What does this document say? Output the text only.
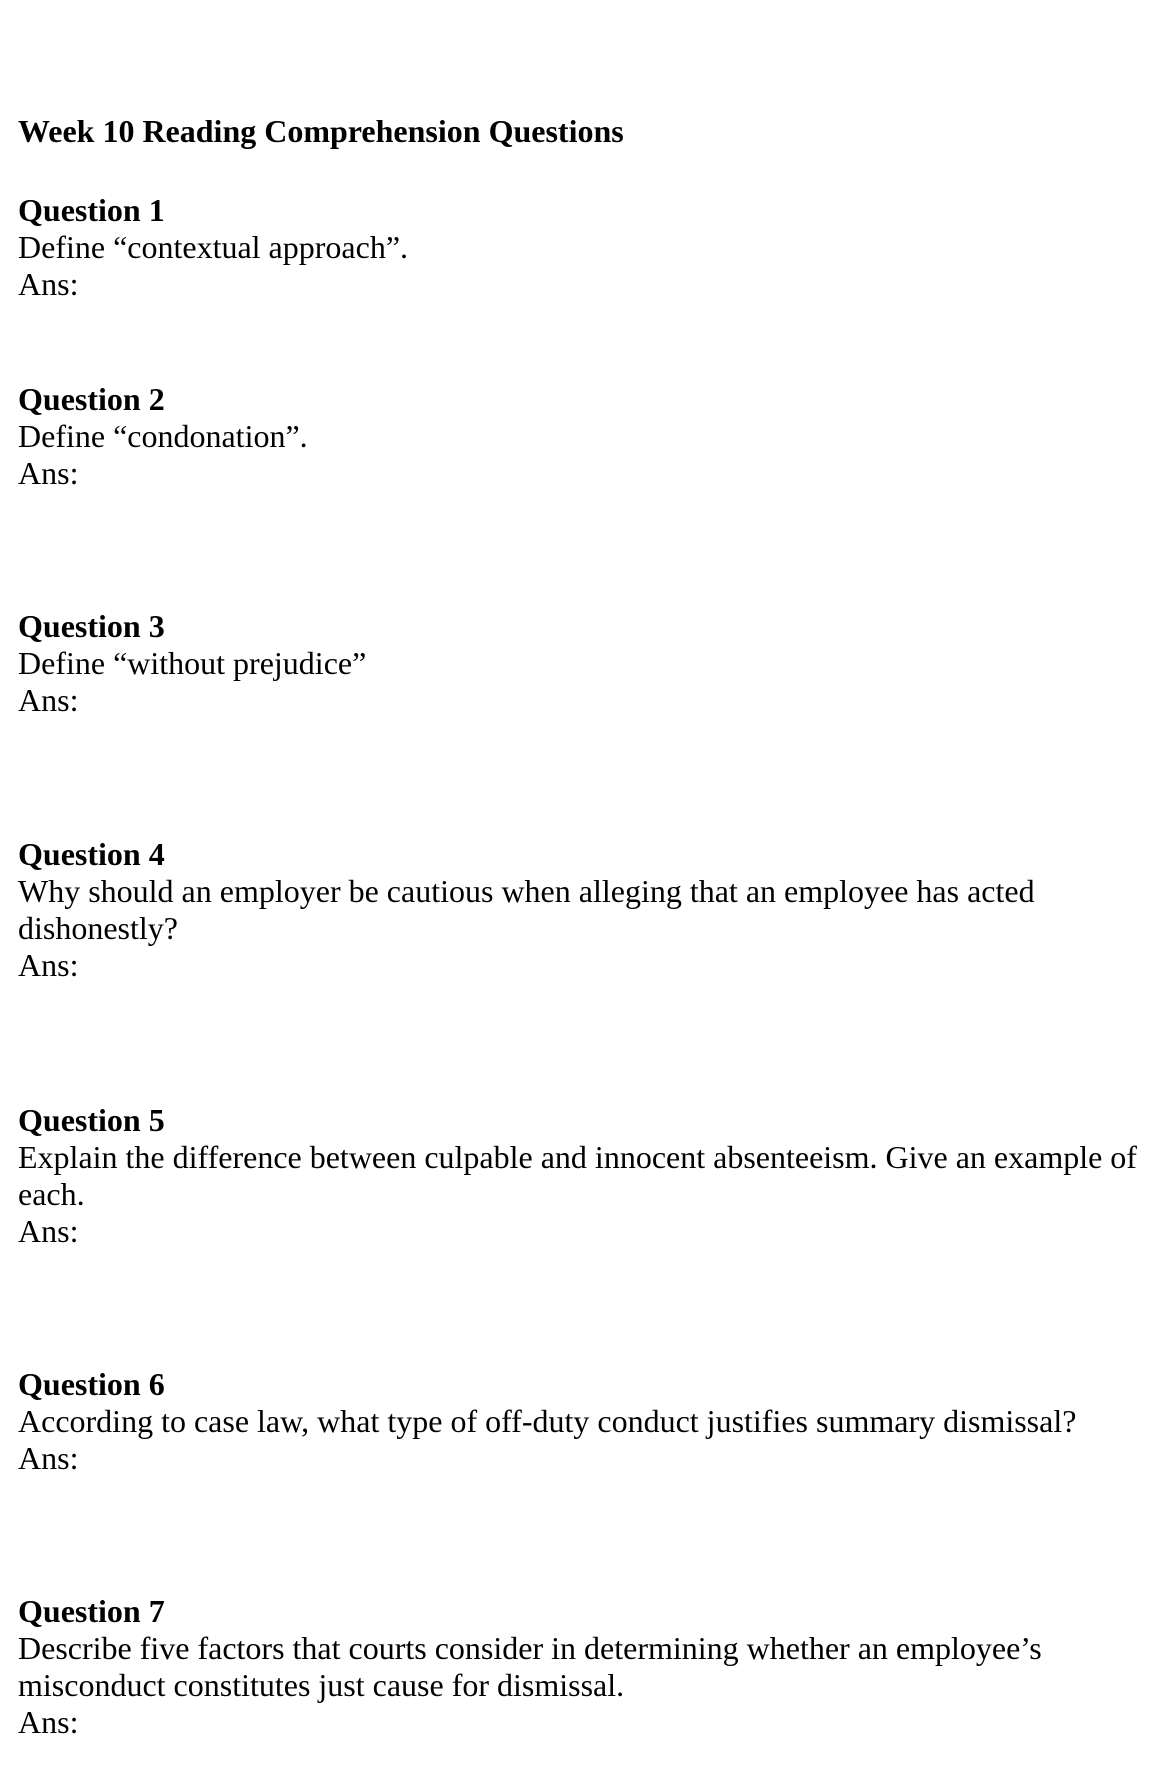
Week 10 Reading Comprehension Questions
Question 1
Define “contextual approach”.
Ans:
Question 2
Define “condonation”.
Ans:
Question 3
Define “without prejudice”
Ans:
Question 4
Why should an employer be cautious when alleging that an employee has acted dishonestly?
Ans:
Question 5
Explain the difference between culpable and innocent absenteeism. Give an example of each.
Ans:
Question 6
According to case law, what type of off-duty conduct justifies summary dismissal?
Ans:
Question 7
Describe five factors that courts consider in determining whether an employee’s misconduct constitutes just cause for dismissal.
Ans:
